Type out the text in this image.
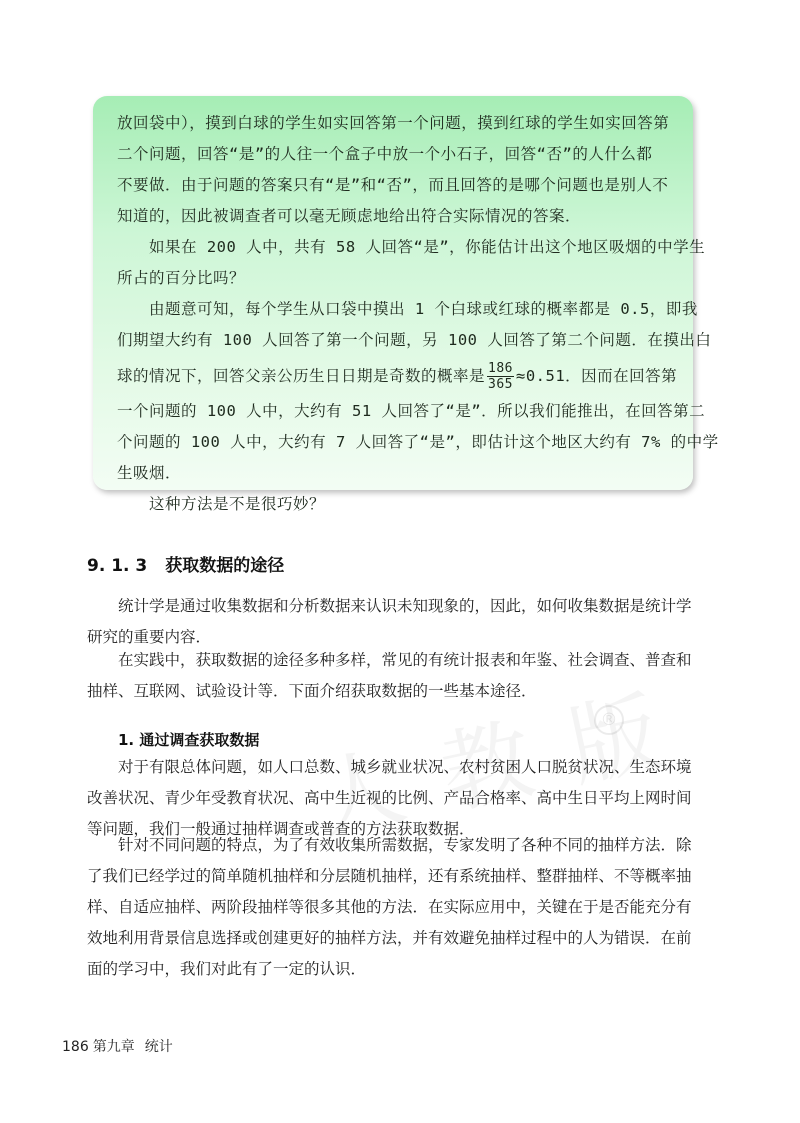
放回袋中），摸到白球的学生如实回答第一个问题，摸到红球的学生如实回答第
二个问题，回答“是”的人往一个盒子中放一个小石子，回答“否”的人什么都
不要做．由于问题的答案只有“是”和“否”，而且回答的是哪个问题也是别人不
知道的，因此被调查者可以毫无顾虑地给出符合实际情况的答案．
如果在 200 人中，共有 58 人回答“是”，你能估计出这个地区吸烟的中学生
所占的百分比吗？
由题意可知，每个学生从口袋中摸出 1 个白球或红球的概率都是 0.5，即我
们期望大约有 100 人回答了第一个问题，另 100 人回答了第二个问题．在摸出白
球的情况下，回答父亲公历生日日期是奇数的概率是 $\frac{186}{365} \approx 0.51$．因而在回答第
一个问题的 100 人中，大约有 51 人回答了“是”．所以我们能推出，在回答第二
个问题的 100 人中，大约有 7 人回答了“是”，即估计这个地区大约有 7% 的中学
生吸烟．
这种方法是不是很巧妙？
9. 1. 3 获取数据的途径
统计学是通过收集数据和分析数据来认识未知现象的，因此，如何收集数据是统计学
研究的重要内容．
在实践中，获取数据的途径多种多样，常见的有统计报表和年鉴、社会调查、普查和
抽样、互联网、试验设计等．下面介绍获取数据的一些基本途径．
®
1. 通过调查获取数据
对于有限总体问题，如人口总数、城乡就业状况、农村贫困人口脱贫状况、生态环境
改善状况、青少年受教育状况、高中生近视的比例、产品合格率、高中生日平均上网时间
等问题，我们一般通过抽样调查或普查的方法获取数据．
针对不同问题的特点，为了有效收集所需数据，专家发明了各种不同的抽样方法．除
了我们已经学过的简单随机抽样和分层随机抽样，还有系统抽样、整群抽样、不等概率抽
样、自适应抽样、两阶段抽样等很多其他的方法．在实际应用中，关键在于是否能充分有
效地利用背景信息选择或创建更好的抽样方法，并有效避免抽样过程中的人为错误．在前
面的学习中，我们对此有了一定的认识．
186 第九章 统计
